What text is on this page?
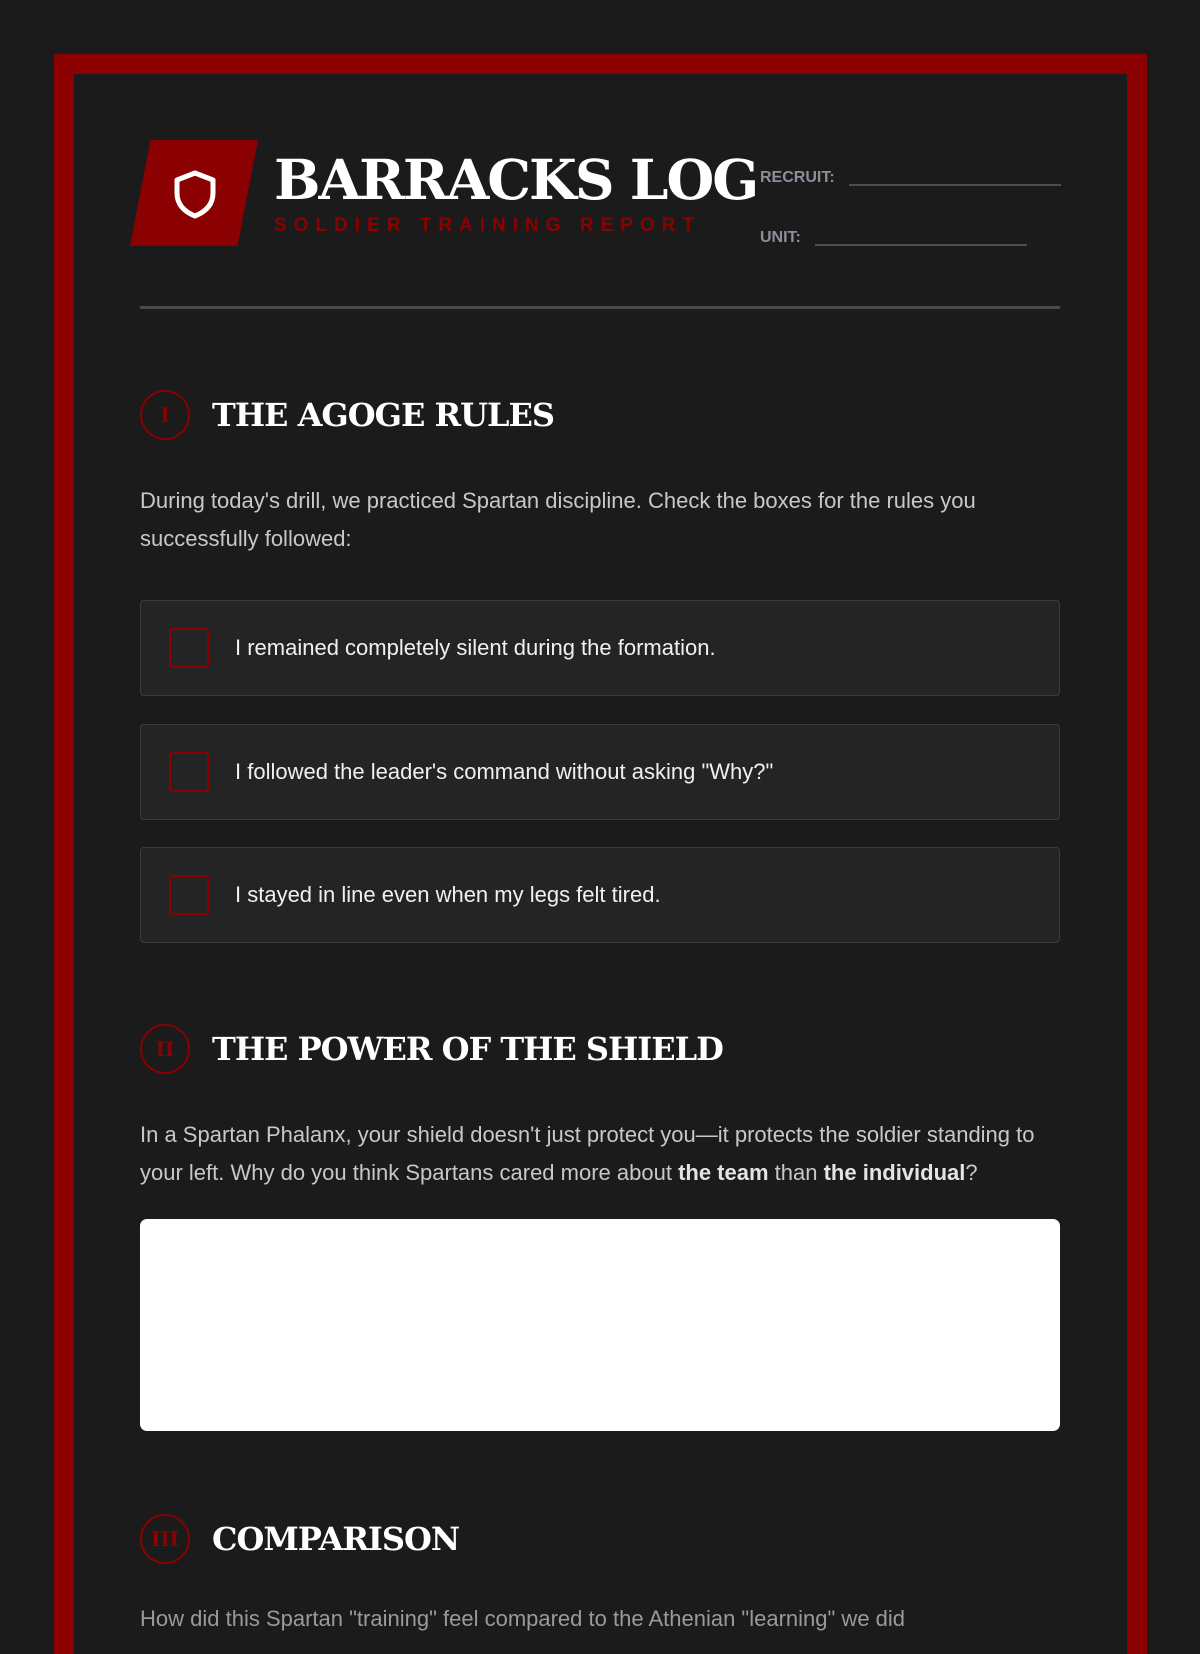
BARRACKS LOG
SOLDIER TRAINING REPORT
RECRUIT:
UNIT:
I	THE AGOGE RULES
During today's drill, we practiced Spartan discipline. Check the boxes for the rules you successfully followed:
I remained completely silent during the formation.
I followed the leader's command without asking "Why?"
I stayed in line even when my legs felt tired.
II	THE POWER OF THE SHIELD
In a Spartan Phalanx, your shield doesn't just protect you—it protects the soldier standing to your left. Why do you think Spartans cared more about the team than the individual?
III	COMPARISON
How did this Spartan "training" feel compared to the Athenian "learning" we did
